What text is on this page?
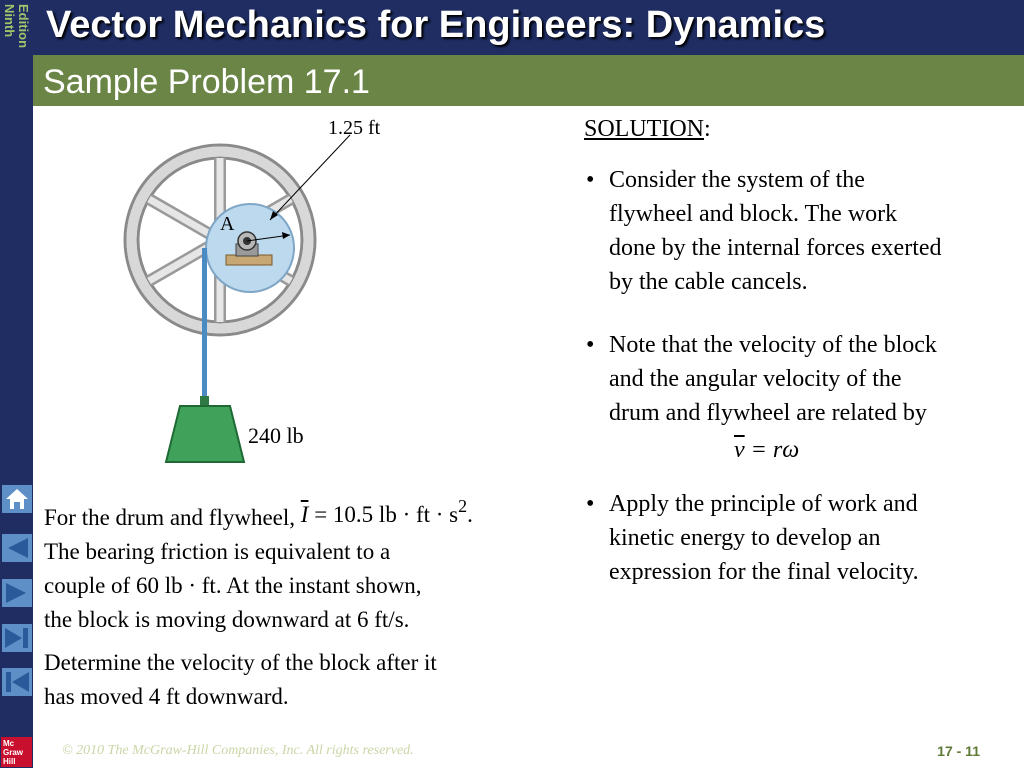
Ninth Edition
Mc
Graw
Hill
Vector Mechanics for Engineers: Dynamics
Sample Problem 17.1
1.25 ft
A
240 lb
For the drum and flywheel, $\overline{I} = 10.5$ lb · ft · $s^2$.
The bearing friction is equivalent to a
couple of 60 lb · ft. At the instant shown,
the block is moving downward at 6 ft/s.
Determine the velocity of the block after it
has moved 4 ft downward.
SOLUTION:
• Consider the system of the
flywheel and block. The work
done by the internal forces exerted
by the cable cancels.
• Note that the velocity of the block
and the angular velocity of the
drum and flywheel are related by
$\overline{v} = r\omega$
• Apply the principle of work and
kinetic energy to develop an
expression for the final velocity.
© 2010 The McGraw-Hill Companies, Inc. All rights reserved.	17 - 11
